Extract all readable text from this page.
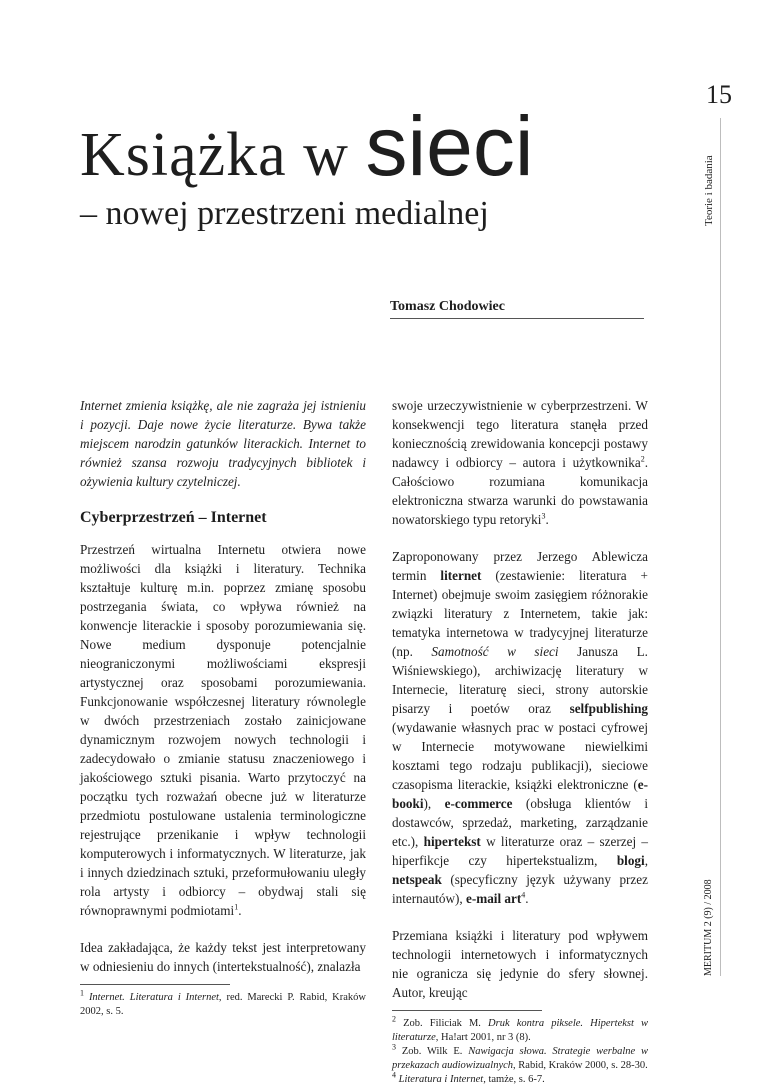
15
Teorie i badania
MERITUM 2 (9) / 2008
Książka w sieci
– nowej przestrzeni medialnej
Tomasz Chodowiec
Internet zmienia książkę, ale nie zagraża jej istnieniu i pozycji. Daje nowe życie literaturze. Bywa także miejscem narodzin gatunków literackich. Internet to również szansa rozwoju tradycyjnych bibliotek i ożywienia kultury czytelniczej.
Cyberprzestrzeń – Internet

Przestrzeń wirtualna Internetu otwiera nowe możliwości dla książki i literatury. Technika kształtuje kulturę m.in. poprzez zmianę sposobu postrzegania świata, co wpływa również na konwencje literackie i sposoby porozumiewania się. Nowe medium dysponuje potencjalnie nieograniczonymi możliwościami ekspresji artystycznej oraz sposobami porozumiewania. Funkcjonowanie współczesnej literatury równolegle w dwóch przestrzeniach zostało zainicjowane dynamicznym rozwojem nowych technologii i zadecydowało o zmianie statusu znaczeniowego i jakościowego sztuki pisania. Warto przytoczyć na początku tych rozważań obecne już w literaturze przedmiotu postulowane ustalenia terminologiczne rejestrujące przenikanie i wpływ technologii komputerowych i informatycznych. W literaturze, jak i innych dziedzinach sztuki, przeformułowaniu uległy rola artysty i odbiorcy – obydwaj stali się równoprawnymi podmiotami$^1$.

Idea zakładająca, że każdy tekst jest interpretowany w odniesieniu do innych (intertekstualność), znalazła

$^1$ Internet. Literatura i Internet, red. Marecki P. Rabid, Kraków 2002, s. 5.

swoje urzeczywistnienie w cyberprzestrzeni. W konsekwencji tego literatura stanęła przed koniecznością zrewidowania koncepcji postawy nadawcy i odbiorcy – autora i użytkownika$^2$. Całościowo rozumiana komunikacja elektroniczna stwarza warunki do powstawania nowatorskiego typu retoryki$^3$.

Zaproponowany przez Jerzego Ablewicza termin liternet (zestawienie: literatura + Internet) obejmuje swoim zasięgiem różnorakie związki literatury z Internetem, takie jak: tematyka internetowa w tradycyjnej literaturze (np. Samotność w sieci Janusza L. Wiśniewskiego), archiwizację literatury w Internecie, literaturę sieci, strony autorskie pisarzy i poetów oraz selfpublishing (wydawanie własnych prac w postaci cyfrowej w Internecie motywowane niewielkimi kosztami tego rodzaju publikacji), sieciowe czasopisma literackie, książki elektroniczne (e-booki), e-commerce (obsługa klientów i dostawców, sprzedaż, marketing, zarządzanie etc.), hipertekst w literaturze oraz – szerzej – hiperfikcje czy hipertekstualizm, blogi, netspeak (specyficzny język używany przez internautów), e-mail art$^4$.

Przemiana książki i literatury pod wpływem technologii internetowych i informatycznych nie ogranicza się jedynie do sfery słownej. Autor, kreując

$^2$ Zob. Filiciak M. Druk kontra piksele. Hipertekst w literaturze, Ha!art 2001, nr 3 (8).

$^3$ Zob. Wilk E. Nawigacja słowa. Strategie werbalne w przekazach audiowizualnych, Rabid, Kraków 2000, s. 28-30.

$^4$ Literatura i Internet, tamże, s. 6-7.
